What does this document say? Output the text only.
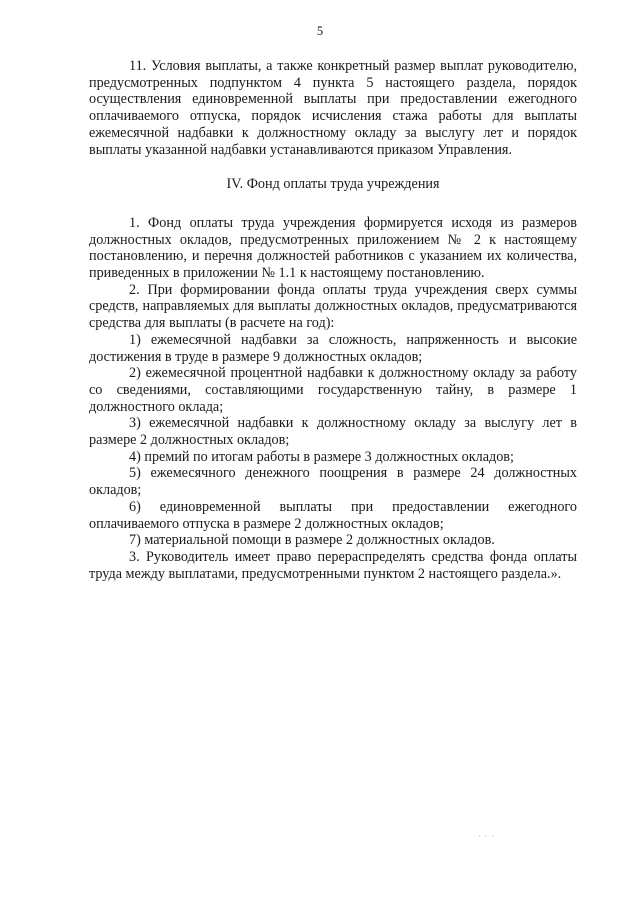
5

11. Условия выплаты, а также конкретный размер выплат руководителю, предусмотренных подпунктом 4 пункта 5 настоящего раздела, порядок осуществления единовременной выплаты при предоставлении ежегодного оплачиваемого отпуска, порядок исчисления стажа работы для выплаты ежемесячной надбавки к должностному окладу за выслугу лет и порядок выплаты указанной надбавки устанавливаются приказом Управления.

IV. Фонд оплаты труда учреждения

1. Фонд оплаты труда учреждения формируется исходя из размеров должностных окладов, предусмотренных приложением № 2 к настоящему постановлению, и перечня должностей работников с указанием их количества, приведенных в приложении № 1.1 к настоящему постановлению.

2. При формировании фонда оплаты труда учреждения сверх суммы средств, направляемых для выплаты должностных окладов, предусматриваются средства для выплаты (в расчете на год):

1) ежемесячной надбавки за сложность, напряженность и высокие достижения в труде в размере 9 должностных окладов;

2) ежемесячной процентной надбавки к должностному окладу за работу со сведениями, составляющими государственную тайну, в размере 1 должностного оклада;

3) ежемесячной надбавки к должностному окладу за выслугу лет в размере 2 должностных окладов;

4) премий по итогам работы в размере 3 должностных окладов;

5) ежемесячного денежного поощрения в размере 24 должностных окладов;

6) единовременной выплаты при предоставлении ежегодного оплачиваемого отпуска в размере 2 должностных окладов;

7) материальной помощи в размере 2 должностных окладов.

3. Руководитель имеет право перераспределять средства фонда оплаты труда между выплатами, предусмотренными пунктом 2 настоящего раздела.».

· · ·
